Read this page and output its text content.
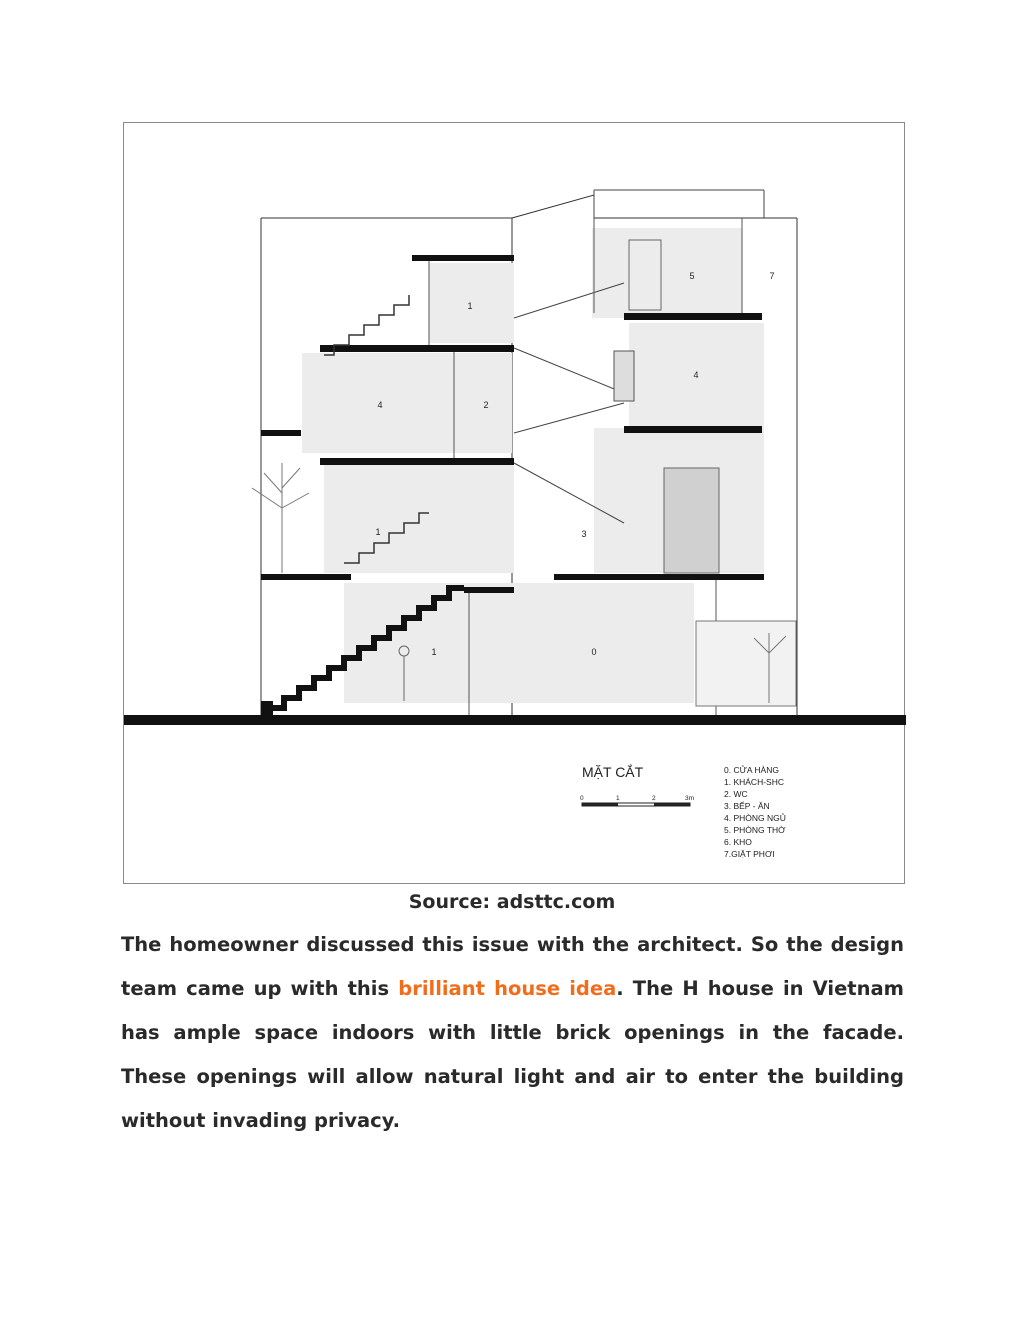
1
5	7
4	2
4
1	3
1	0
MẶT CẮT
0	1	2	3m
0. CỬA HÀNG
1. KHÁCH-SHC
2. WC
3. BẾP - ĂN
4. PHÒNG NGỦ
5. PHÒNG THỜ
6. KHO
7.GIẶT PHƠI
Source: adsttc.com

The homeowner discussed this issue with the architect. So the design team came up with this brilliant house idea. The H house in Vietnam has ample space indoors with little brick openings in the facade. These openings will allow natural light and air to enter the building without invading privacy.
